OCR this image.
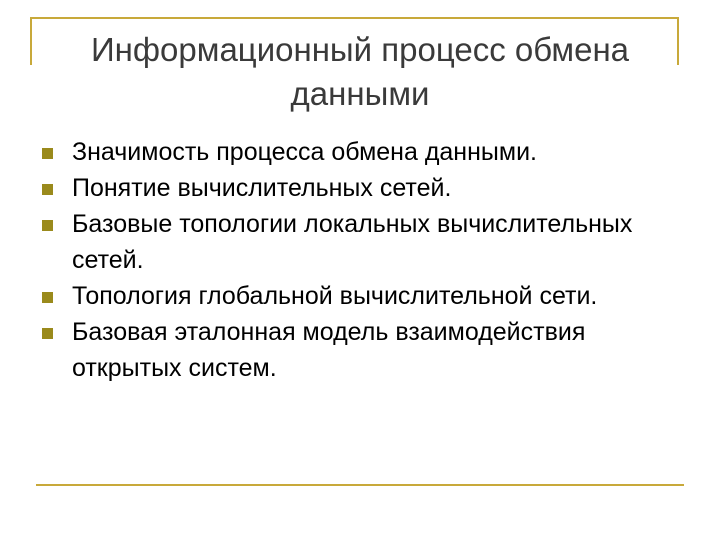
Информационный процесс обмена
данными
Значимость процесса обмена данными.
Понятие вычислительных сетей.
Базовые топологии локальных вычислительных сетей.
Топология глобальной вычислительной сети.
Базовая эталонная модель взаимодействия открытых систем.
